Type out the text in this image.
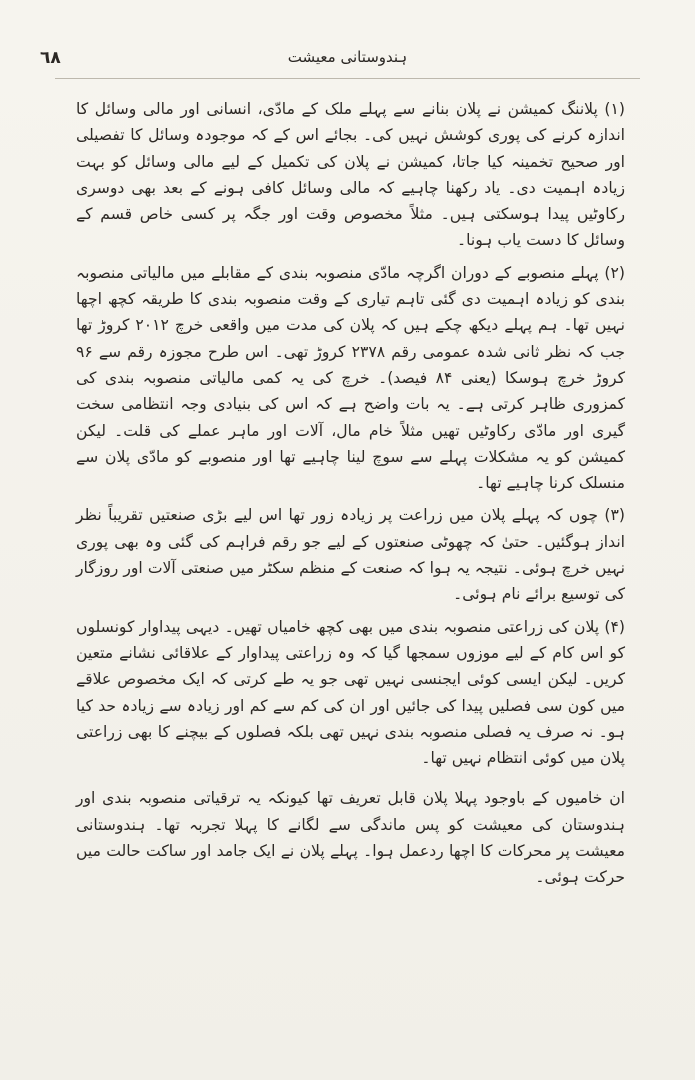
٦٨	ہندوستانی معیشت

(۱) پلاننگ کمیشن نے پلان بنانے سے پہلے ملک کے مادّی، انسانی اور مالی وسائل کا اندازہ کرنے کی پوری کوشش نہیں کی۔ بجائے اس کے کہ موجودہ وسائل کا تفصیلی اور صحیح تخمینہ کیا جاتا، کمیشن نے پلان کی تکمیل کے لیے مالی وسائل کو بہت زیادہ اہمیت دی۔ یاد رکھنا چاہیے کہ مالی وسائل کافی ہونے کے بعد بھی دوسری رکاوٹیں پیدا ہوسکتی ہیں۔ مثلاً مخصوص وقت اور جگہ پر کسی خاص قسم کے وسائل کا دست یاب ہونا۔

(۲) پہلے منصوبے کے دوران اگرچہ مادّی منصوبہ بندی کے مقابلے میں مالیاتی منصوبہ بندی کو زیادہ اہمیت دی گئی تاہم تیاری کے وقت منصوبہ بندی کا طریقہ کچھ اچھا نہیں تھا۔ ہم پہلے دیکھ چکے ہیں کہ پلان کی مدت میں واقعی خرچ ۲۰۱۲ کروڑ تھا جب کہ نظر ثانی شدہ عمومی رقم ۲۳۷۸ کروڑ تھی۔ اس طرح مجوزہ رقم سے ۹۶ کروڑ خرچ ہوسکا (یعنی ۸۴ فیصد)۔ خرچ کی یہ کمی مالیاتی منصوبہ بندی کی کمزوری ظاہر کرتی ہے۔ یہ بات واضح ہے کہ اس کی بنیادی وجہ انتظامی سخت گیری اور مادّی رکاوٹیں تھیں مثلاً خام مال، آلات اور ماہر عملے کی قلت۔ لیکن کمیشن کو یہ مشکلات پہلے سے سوچ لینا چاہیے تھا اور منصوبے کو مادّی پلان سے منسلک کرنا چاہیے تھا۔

(۳) چوں کہ پہلے پلان میں زراعت پر زیادہ زور تھا اس لیے بڑی صنعتیں تقریباً نظر انداز ہوگئیں۔ حتیٰ کہ چھوٹی صنعتوں کے لیے جو رقم فراہم کی گئی وہ بھی پوری نہیں خرچ ہوئی۔ نتیجہ یہ ہوا کہ صنعت کے منظم سکٹر میں صنعتی آلات اور روزگار کی توسیع برائے نام ہوئی۔

(۴) پلان کی زراعتی منصوبہ بندی میں بھی کچھ خامیاں تھیں۔ دیہی پیداوار کونسلوں کو اس کام کے لیے موزوں سمجھا گیا کہ وہ زراعتی پیداوار کے علاقائی نشانے متعین کریں۔ لیکن ایسی کوئی ایجنسی نہیں تھی جو یہ طے کرتی کہ ایک مخصوص علاقے میں کون سی فصلیں پیدا کی جائیں اور ان کی کم سے کم اور زیادہ سے زیادہ حد کیا ہو۔ نہ صرف یہ فصلی منصوبہ بندی نہیں تھی بلکہ فصلوں کے بیچنے کا بھی زراعتی پلان میں کوئی انتظام نہیں تھا۔

ان خامیوں کے باوجود پہلا پلان قابل تعریف تھا کیونکہ یہ ترقیاتی منصوبہ بندی اور ہندوستان کی معیشت کو پس ماندگی سے لگانے کا پہلا تجربہ تھا۔ ہندوستانی معیشت پر محرکات کا اچھا ردعمل ہوا۔ پہلے پلان نے ایک جامد اور ساکت حالت میں حرکت ہوئی۔
